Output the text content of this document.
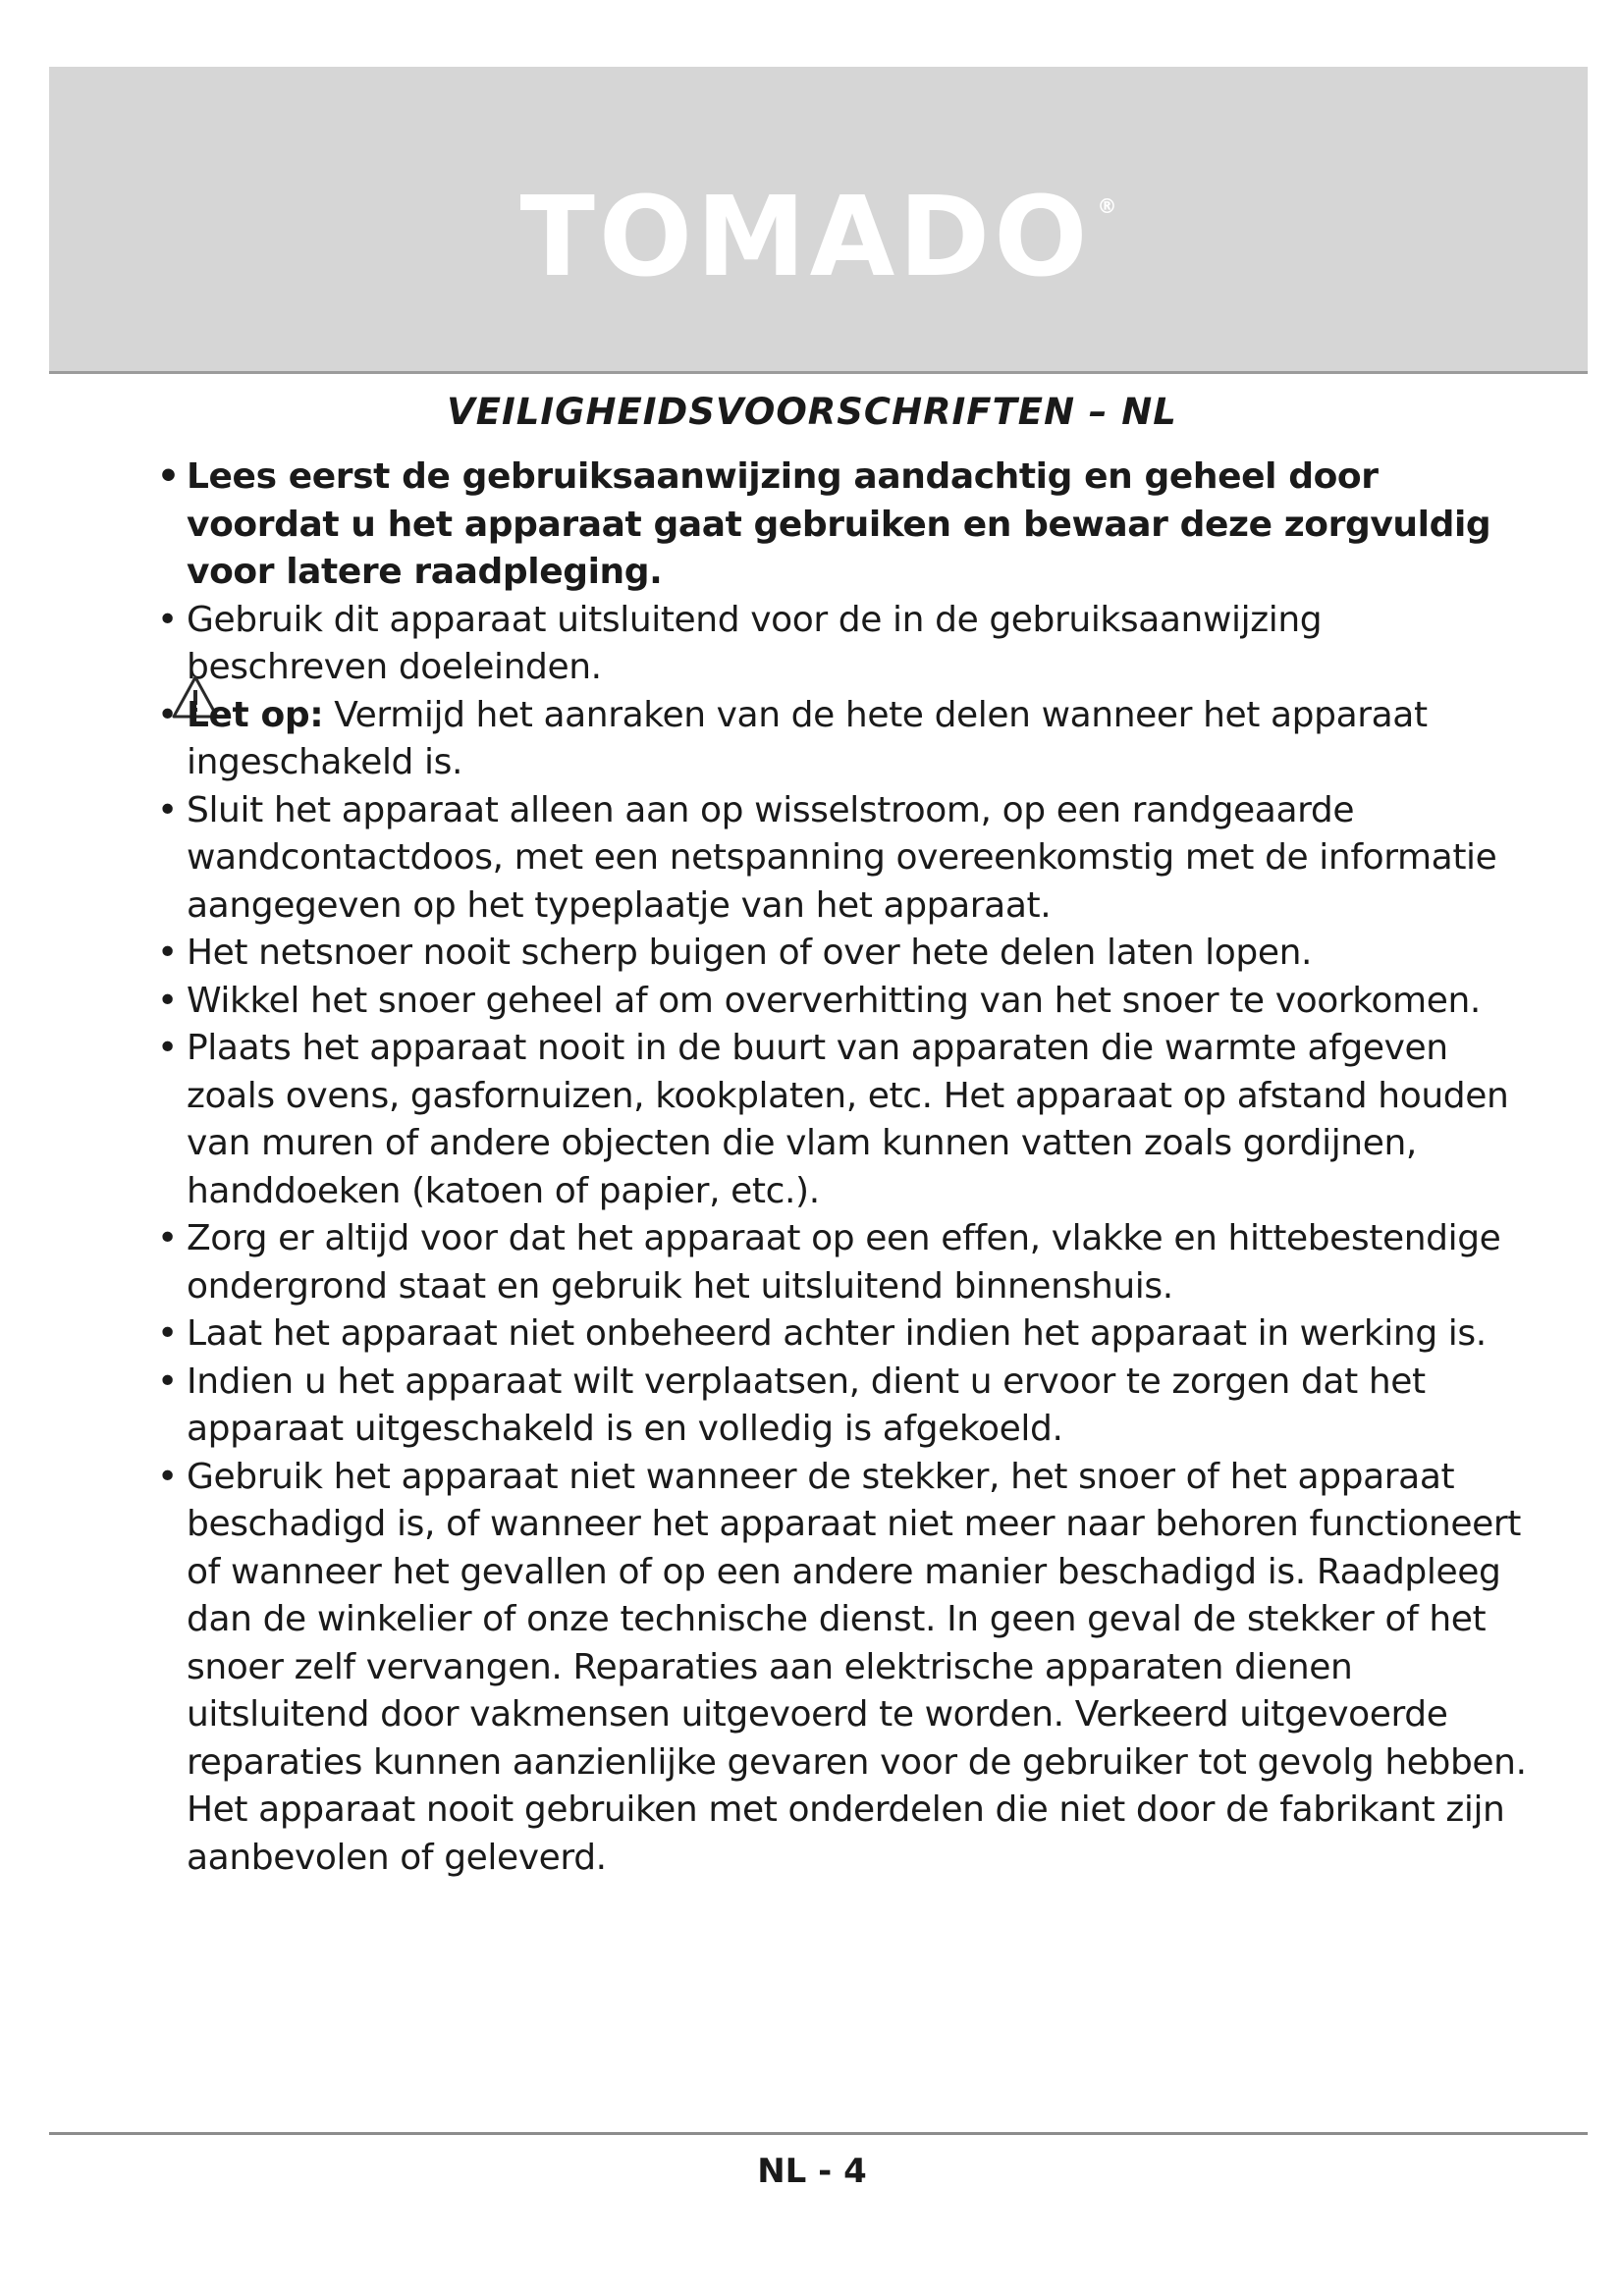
TOMADO ®
VEILIGHEIDSVOORSCHRIFTEN – NL
• Lees eerst de gebruiksaanwijzing aandachtig en geheel door voordat u het apparaat gaat gebruiken en bewaar deze zorgvuldig voor latere raadpleging.
• Gebruik dit apparaat uitsluitend voor de in de gebruiksaanwijzing beschreven doeleinden.
• Let op: Vermijd het aanraken van de hete delen wanneer het apparaat ingeschakeld is.
• Sluit het apparaat alleen aan op wisselstroom, op een randgeaarde wandcontactdoos, met een netspanning overeenkomstig met de informatie aangegeven op het typeplaatje van het apparaat.
• Het netsnoer nooit scherp buigen of over hete delen laten lopen.
• Wikkel het snoer geheel af om oververhitting van het snoer te voorkomen.
• Plaats het apparaat nooit in de buurt van apparaten die warmte afgeven zoals ovens, gasfornuizen, kookplaten, etc. Het apparaat op afstand houden van muren of andere objecten die vlam kunnen vatten zoals gordijnen, handdoeken (katoen of papier, etc.).
• Zorg er altijd voor dat het apparaat op een effen, vlakke en hittebestendige ondergrond staat en gebruik het uitsluitend binnenshuis.
• Laat het apparaat niet onbeheerd achter indien het apparaat in werking is.
• Indien u het apparaat wilt verplaatsen, dient u ervoor te zorgen dat het apparaat uitgeschakeld is en volledig is afgekoeld.
• Gebruik het apparaat niet wanneer de stekker, het snoer of het apparaat beschadigd is, of wanneer het apparaat niet meer naar behoren functioneert of wanneer het gevallen of op een andere manier beschadigd is. Raadpleeg dan de winkelier of onze technische dienst. In geen geval de stekker of het snoer zelf vervangen. Reparaties aan elektrische apparaten dienen uitsluitend door vakmensen uitgevoerd te worden. Verkeerd uitgevoerde reparaties kunnen aanzienlijke gevaren voor de gebruiker tot gevolg hebben. Het apparaat nooit gebruiken met onderdelen die niet door de fabrikant zijn aanbevolen of geleverd.
NL - 4
